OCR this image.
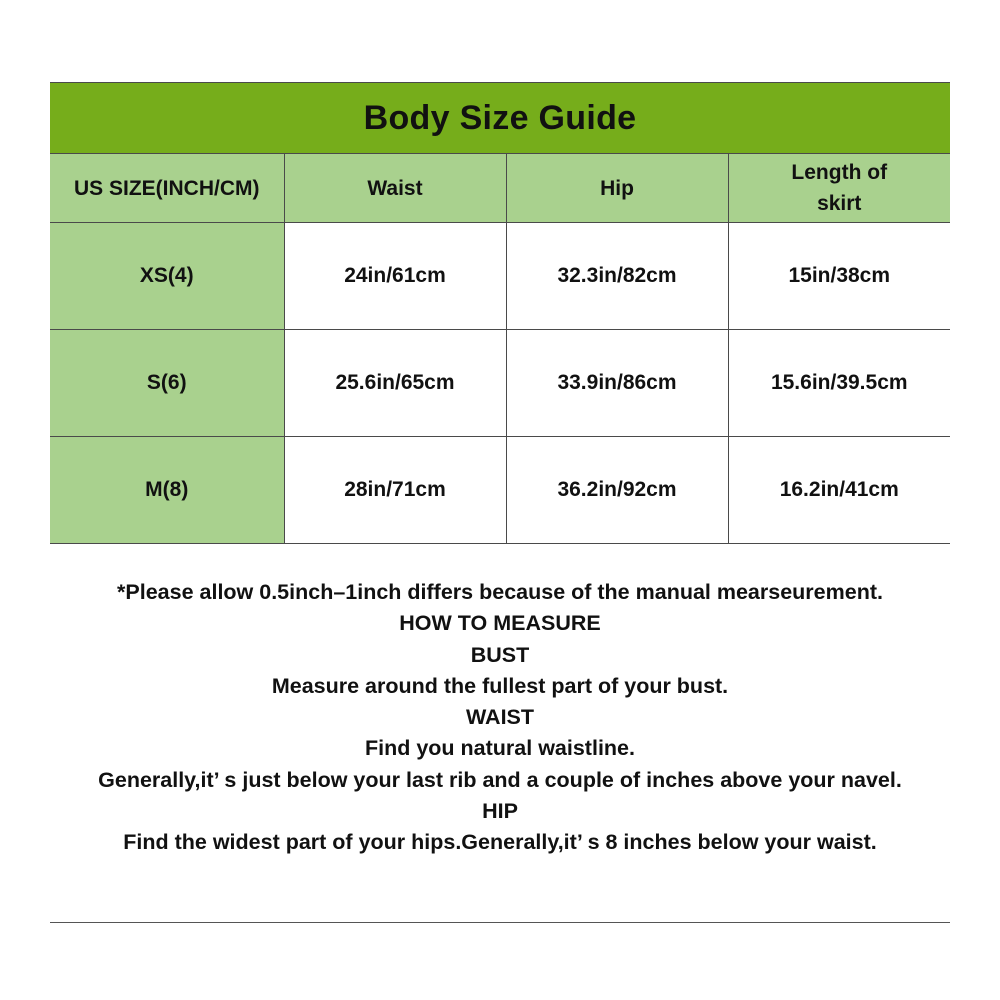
Body Size Guide			
US SIZE(INCH/CM)	Waist	Hip	Length of skirt
XS(4)	24in/61cm	32.3in/82cm	15in/38cm
S(6)	25.6in/65cm	33.9in/86cm	15.6in/39.5cm
M(8)	28in/71cm	36.2in/92cm	16.2in/41cm

*Please allow 0.5inch–1inch differs because of the manual mearseurement.

HOW TO MEASURE

BUST

Measure around the fullest part of your bust.

WAIST

Find you natural waistline.

Generally,it’ s just below your last rib and a couple of inches above your navel.

HIP

Find the widest part of your hips.Generally,it’ s 8 inches below your waist.
